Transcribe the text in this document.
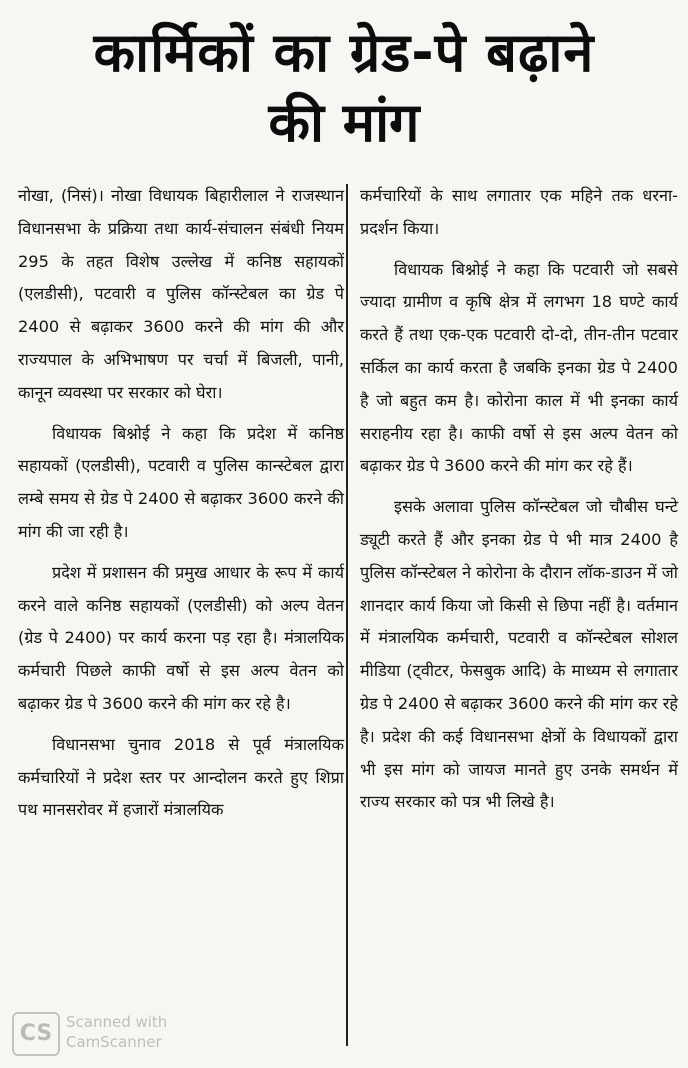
कार्मिकों का ग्रेड-पे बढ़ाने
की मांग

नोखा, (निसं)। नोखा विधायक बिहारीलाल ने राजस्थान विधानसभा के प्रक्रिया तथा कार्य-संचालन संबंधी नियम 295 के तहत विशेष उल्लेख में कनिष्ठ सहायकों (एलडीसी), पटवारी व पुलिस कॉन्स्टेबल का ग्रेड पे 2400 से बढ़ाकर 3600 करने की मांग की और राज्यपाल के अभिभाषण पर चर्चा में बिजली, पानी, कानून व्यवस्था पर सरकार को घेरा।

विधायक बिश्नोई ने कहा कि प्रदेश में कनिष्ठ सहायकों (एलडीसी), पटवारी व पुलिस कान्स्टेबल द्वारा लम्बे समय से ग्रेड पे 2400 से बढ़ाकर 3600 करने की मांग की जा रही है।

प्रदेश में प्रशासन की प्रमुख आधार के रूप में कार्य करने वाले कनिष्ठ सहायकों (एलडीसी) को अल्प वेतन (ग्रेड पे 2400) पर कार्य करना पड़ रहा है। मंत्रालयिक कर्मचारी पिछले काफी वर्षो से इस अल्प वेतन को बढ़ाकर ग्रेड पे 3600 करने की मांग कर रहे है।

विधानसभा चुनाव 2018 से पूर्व मंत्रालयिक कर्मचारियों ने प्रदेश स्तर पर आन्दोलन करते हुए शिप्रा पथ मानसरोवर में हजारों मंत्रालयिक

कर्मचारियों के साथ लगातार एक महिने तक धरना-प्रदर्शन किया।

विधायक बिश्नोई ने कहा कि पटवारी जो सबसे ज्यादा ग्रामीण व कृषि क्षेत्र में लगभग 18 घण्टे कार्य करते हैं तथा एक-एक पटवारी दो-दो, तीन-तीन पटवार सर्किल का कार्य करता है जबकि इनका ग्रेड पे 2400 है जो बहुत कम है। कोरोना काल में भी इनका कार्य सराहनीय रहा है। काफी वर्षो से इस अल्प वेतन को बढ़ाकर ग्रेड पे 3600 करने की मांग कर रहे हैं।

इसके अलावा पुलिस कॉन्स्टेबल जो चौबीस घन्टे ड्यूटी करते हैं और इनका ग्रेड पे भी मात्र 2400 है पुलिस कॉन्स्टेबल ने कोरोना के दौरान लॉक-डाउन में जो शानदार कार्य किया जो किसी से छिपा नहीं है। वर्तमान में मंत्रालयिक कर्मचारी, पटवारी व कॉन्स्टेबल सोशल मीडिया (ट्वीटर, फेसबुक आदि) के माध्यम से लगातार ग्रेड पे 2400 से बढ़ाकर 3600 करने की मांग कर रहे है। प्रदेश की कई विधानसभा क्षेत्रों के विधायकों द्वारा भी इस मांग को जायज मानते हुए उनके समर्थन में राज्य सरकार को पत्र भी लिखे है।

CS Scanned with
CamScanner
